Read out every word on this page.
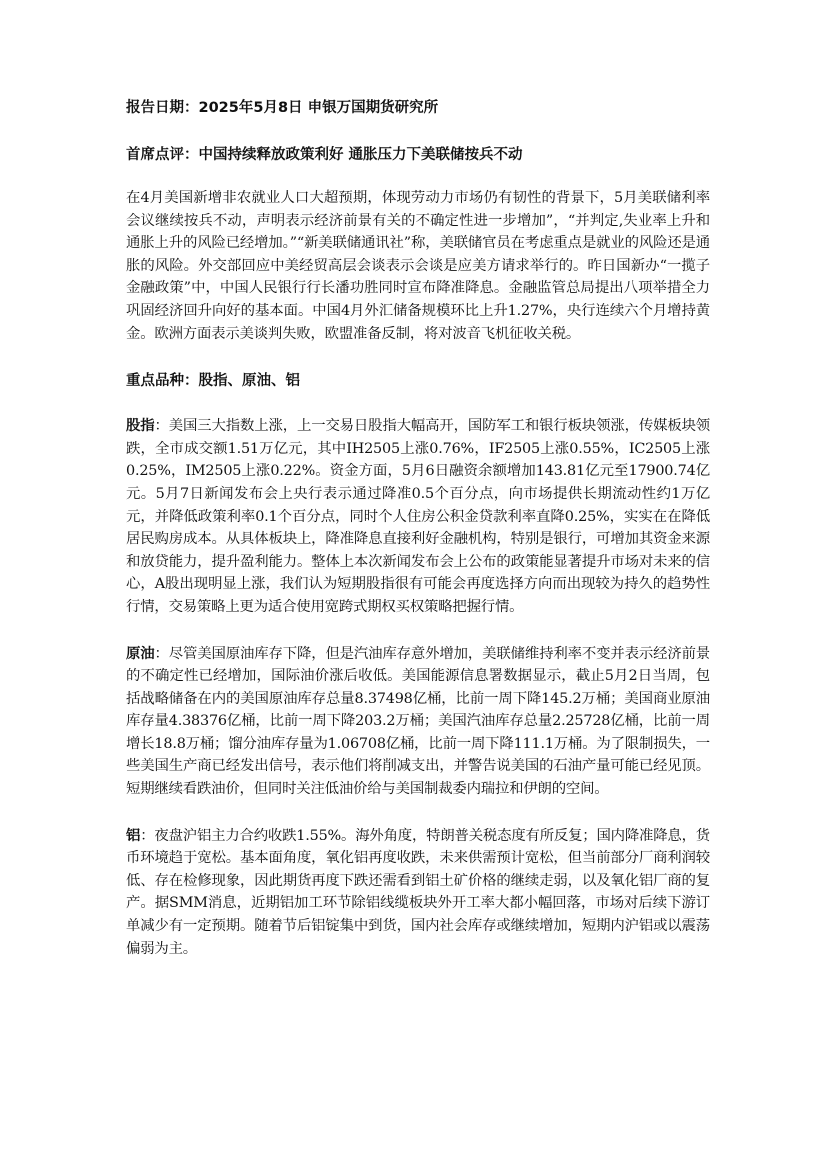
报告日期：2025年5月8日 申银万国期货研究所
首席点评：中国持续释放政策利好 通胀压力下美联储按兵不动

在4月美国新增非农就业人口大超预期，体现劳动力市场仍有韧性的背景下，5月美联储利率会议继续按兵不动，声明表示经济前景有关的不确定性进一步增加”，“并判定,失业率上升和通胀上升的风险已经增加。”“新美联储通讯社”称，美联储官员在考虑重点是就业的风险还是通胀的风险。外交部回应中美经贸高层会谈表示会谈是应美方请求举行的。昨日国新办“一揽子金融政策”中，中国人民银行行长潘功胜同时宣布降准降息。金融监管总局提出八项举措全力巩固经济回升向好的基本面。中国4月外汇储备规模环比上升1.27%，央行连续六个月增持黄金。欧洲方面表示美谈判失败，欧盟准备反制，将对波音飞机征收关税。

重点品种：股指、原油、铝

股指：美国三大指数上涨，上一交易日股指大幅高开，国防军工和银行板块领涨，传媒板块领跌，全市成交额1.51万亿元，其中IH2505上涨0.76%，IF2505上涨0.55%，IC2505上涨0.25%，IM2505上涨0.22%。资金方面，5月6日融资余额增加143.81亿元至17900.74亿元。5月7日新闻发布会上央行表示通过降准0.5个百分点，向市场提供长期流动性约1万亿元，并降低政策利率0.1个百分点，同时个人住房公积金贷款利率直降0.25%，实实在在降低居民购房成本。从具体板块上，降准降息直接利好金融机构，特别是银行，可增加其资金来源和放贷能力，提升盈利能力。整体上本次新闻发布会上公布的政策能显著提升市场对未来的信心，A股出现明显上涨，我们认为短期股指很有可能会再度选择方向而出现较为持久的趋势性行情，交易策略上更为适合使用宽跨式期权买权策略把握行情。

原油：尽管美国原油库存下降，但是汽油库存意外增加，美联储维持利率不变并表示经济前景的不确定性已经增加，国际油价涨后收低。美国能源信息署数据显示，截止5月2日当周，包括战略储备在内的美国原油库存总量8.37498亿桶，比前一周下降145.2万桶；美国商业原油库存量4.38376亿桶，比前一周下降203.2万桶；美国汽油库存总量2.25728亿桶，比前一周增长18.8万桶；馏分油库存量为1.06708亿桶，比前一周下降111.1万桶。为了限制损失，一些美国生产商已经发出信号，表示他们将削减支出，并警告说美国的石油产量可能已经见顶。短期继续看跌油价，但同时关注低油价给与美国制裁委内瑞拉和伊朗的空间。

铝：夜盘沪铝主力合约收跌1.55%。海外角度，特朗普关税态度有所反复；国内降准降息，货币环境趋于宽松。基本面角度，氧化铝再度收跌，未来供需预计宽松，但当前部分厂商利润较低、存在检修现象，因此期货再度下跌还需看到铝土矿价格的继续走弱，以及氧化铝厂商的复产。据SMM消息，近期铝加工环节除铝线缆板块外开工率大都小幅回落，市场对后续下游订单减少有一定预期。随着节后铝锭集中到货，国内社会库存或继续增加，短期内沪铝或以震荡偏弱为主。
